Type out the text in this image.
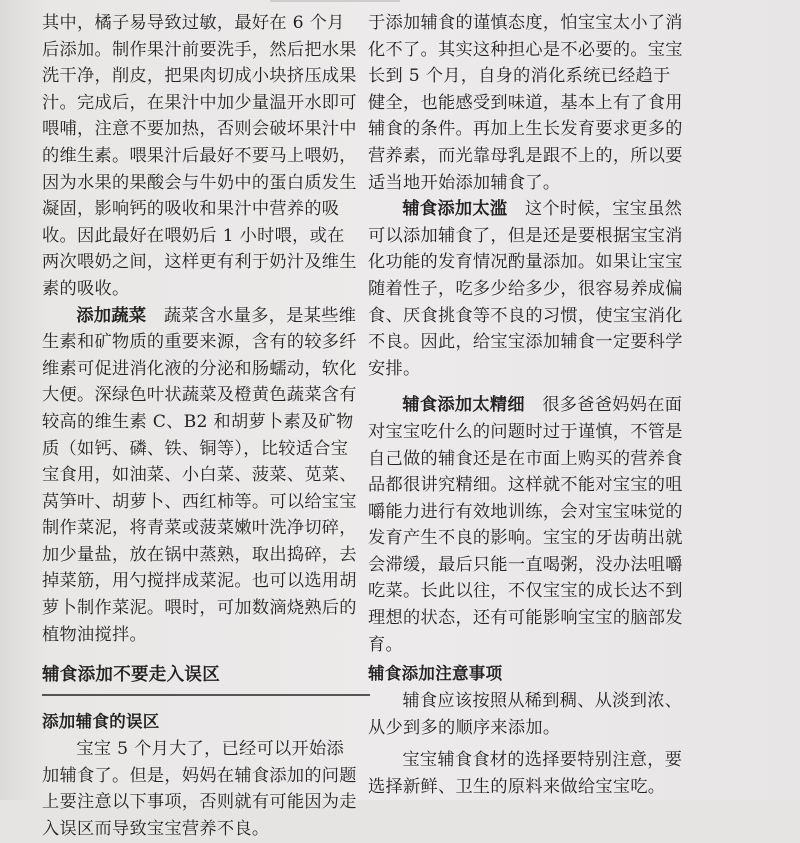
其中，橘子易导致过敏，最好在 6 个月后添加。制作果汁前要洗手，然后把水果洗干净，削皮，把果肉切成小块挤压成果汁。完成后，在果汁中加少量温开水即可喂哺，注意不要加热，否则会破坏果汁中的维生素。喂果汁后最好不要马上喂奶，因为水果的果酸会与牛奶中的蛋白质发生凝固，影响钙的吸收和果汁中营养的吸收。因此最好在喂奶后 1 小时喂，或在两次喂奶之间，这样更有利于奶汁及维生素的吸收。

添加蔬菜　 蔬菜含水量多，是某些维生素和矿物质的重要来源，含有的较多纤维素可促进消化液的分泌和肠蠕动，软化大便。深绿色叶状蔬菜及橙黄色蔬菜含有较高的维生素 C、B2 和胡萝卜素及矿物质（如钙、磷、铁、铜等），比较适合宝宝食用，如油菜、小白菜、菠菜、苋菜、莴笋叶、胡萝卜、西红柿等。可以给宝宝制作菜泥，将青菜或菠菜嫩叶洗净切碎，加少量盐，放在锅中蒸熟，取出捣碎，去掉菜筋，用勺搅拌成菜泥。也可以选用胡萝卜制作菜泥。喂时，可加数滴烧熟后的植物油搅拌。

辅食添加不要走入误区

添加辅食的误区

宝宝 5 个月大了，已经可以开始添加辅食了。但是，妈妈在辅食添加的问题上要注意以下事项，否则就有可能因为走入误区而导致宝宝营养不良。

于添加辅食的谨慎态度，怕宝宝太小了消化不了。其实这种担心是不必要的。宝宝长到 5 个月，自身的消化系统已经趋于健全，也能感受到味道，基本上有了食用辅食的条件。再加上生长发育要求更多的营养素，而光靠母乳是跟不上的，所以要适当地开始添加辅食了。

辅食添加太滥　 这个时候，宝宝虽然可以添加辅食了，但是还是要根据宝宝消化功能的发育情况酌量添加。如果让宝宝随着性子，吃多少给多少，很容易养成偏食、厌食挑食等不良的习惯，使宝宝消化不良。因此，给宝宝添加辅食一定要科学安排。

辅食添加太精细　 很多爸爸妈妈在面对宝宝吃什么的问题时过于谨慎，不管是自己做的辅食还是在市面上购买的营养食品都很讲究精细。这样就不能对宝宝的咀嚼能力进行有效地训练，会对宝宝味觉的发育产生不良的影响。宝宝的牙齿萌出就会滞缓，最后只能一直喝粥，没办法咀嚼吃菜。长此以往，不仅宝宝的成长达不到理想的状态，还有可能影响宝宝的脑部发育。

辅食添加注意事项

辅食应该按照从稀到稠、从淡到浓、从少到多的顺序来添加。

宝宝辅食食材的选择要特别注意，要选择新鲜、卫生的原料来做给宝宝吃。
